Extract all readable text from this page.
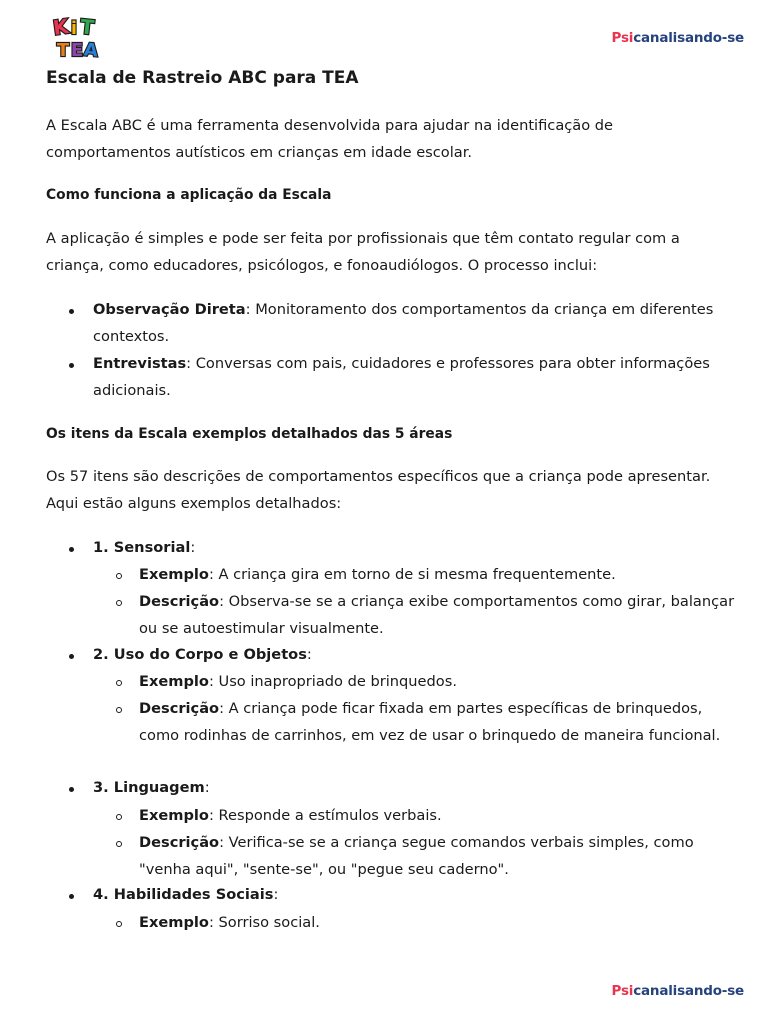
K i T
T E A
Psicanalisando-se
Escala de Rastreio ABC para TEA

A Escala ABC é uma ferramenta desenvolvida para ajudar na identificação de comportamentos autísticos em crianças em idade escolar.

Como funciona a aplicação da Escala

A aplicação é simples e pode ser feita por profissionais que têm contato regular com a criança, como educadores, psicólogos, e fonoaudiólogos. O processo inclui:

Observação Direta: Monitoramento dos comportamentos da criança em diferentes contextos.

Entrevistas: Conversas com pais, cuidadores e professores para obter informações adicionais.

Os itens da Escala exemplos detalhados das 5 áreas

Os 57 itens são descrições de comportamentos específicos que a criança pode apresentar. Aqui estão alguns exemplos detalhados:

1. Sensorial:

Exemplo: A criança gira em torno de si mesma frequentemente.

Descrição: Observa-se se a criança exibe comportamentos como girar, balançar ou se autoestimular visualmente.

2. Uso do Corpo e Objetos:

Exemplo: Uso inapropriado de brinquedos.

Descrição: A criança pode ficar fixada em partes específicas de brinquedos, como rodinhas de carrinhos, em vez de usar o brinquedo de maneira funcional.

3. Linguagem:

Exemplo: Responde a estímulos verbais.

Descrição: Verifica-se se a criança segue comandos verbais simples, como "venha aqui", "sente-se", ou "pegue seu caderno".

4. Habilidades Sociais:

Exemplo: Sorriso social.

Psicanalisando-se
